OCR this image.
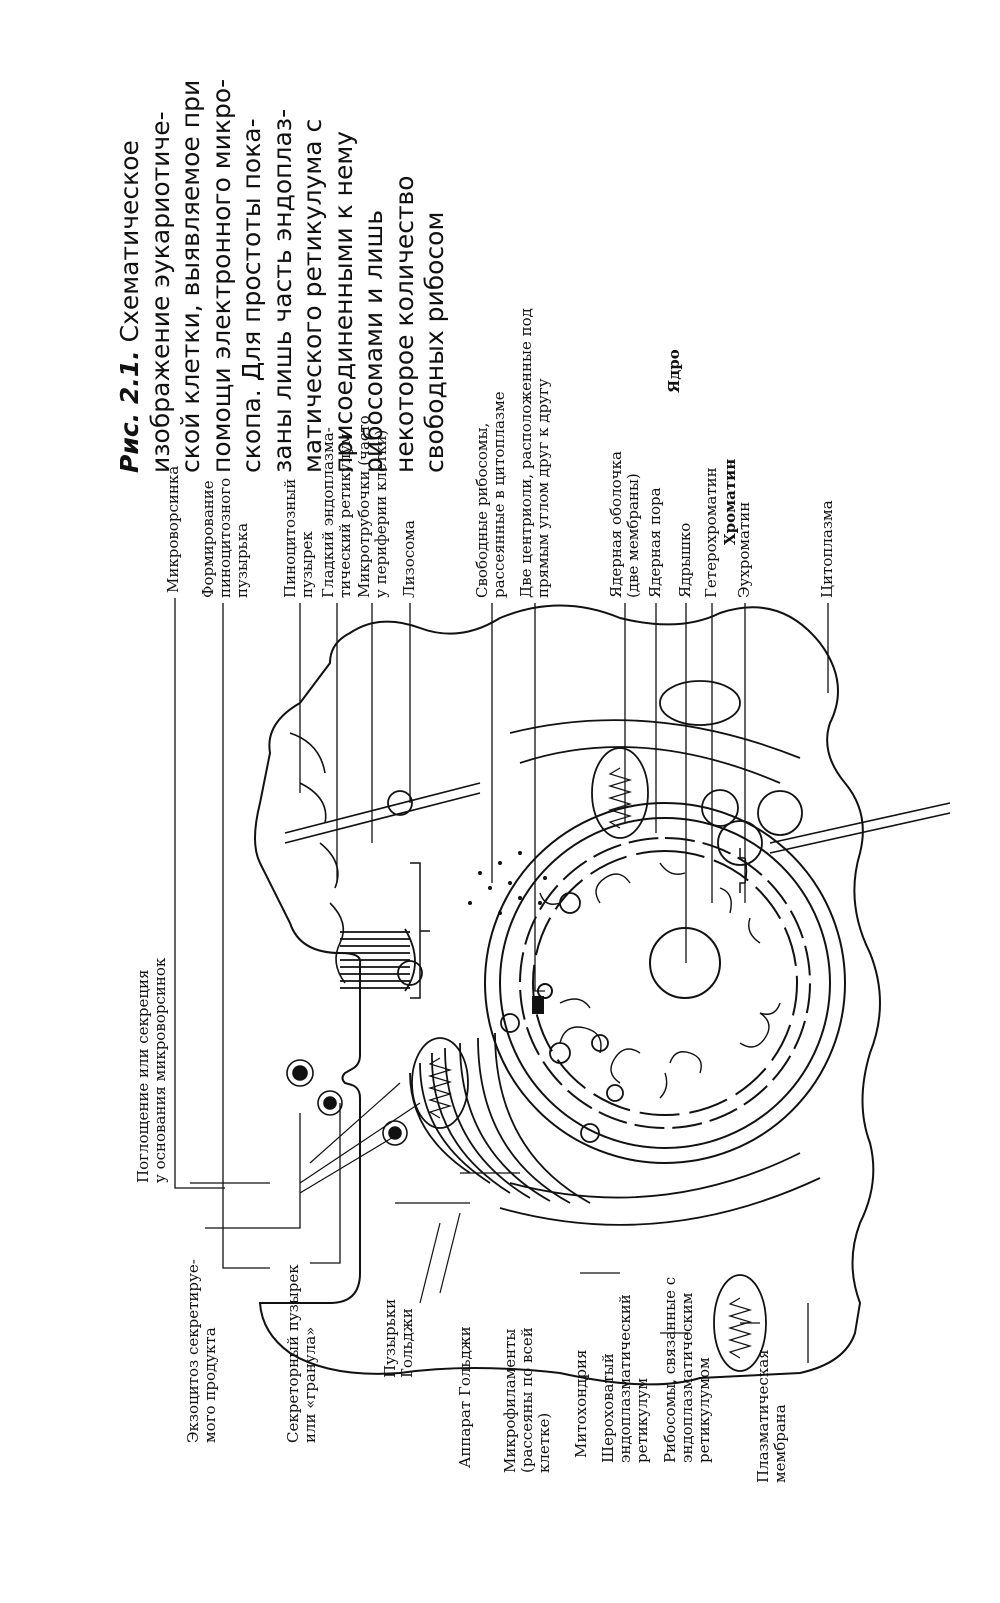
Микроворсинка Формирование пиноцитозного пузырька Пиноцитозный пузырек Гладкий эндоплазма- тический ретикулум Микротрубочки (часто у периферии клетки) Лизосома	Свободные рибосомы, рассеянные в цитоплазме Две центриоли, расположенные под прямым углом друг к другу	Ядерная оболочка (две мембраны) Ядерная пора Ядрышко Гетерохроматин Эухроматин	Цитоплазма
Хроматин
Ядро
Поглощение или секреция у основания микроворсинок
Экзоцитоз секретируе- мого продукта	Секреторный пузырек или «гранула»	Пузырьки Гольджи	Аппарат Гольджи Микрофиламенты (рассеяны по всей клетке) Митохондрия Шероховатый эндоплазматический ретикулум Рибосомы, связанные с эндоплазматическим ретикулумом	Плазматическая мембрана

Рис. 2.1. Схематическое изображение эукариотиче- ской клетки, выявляемое при помощи электронного микро- скопа. Для простоты пока- заны лишь часть эндоплаз- матического ретикулума с присоединенными к нему рибосомами и лишь некоторое количество свободных рибосом
